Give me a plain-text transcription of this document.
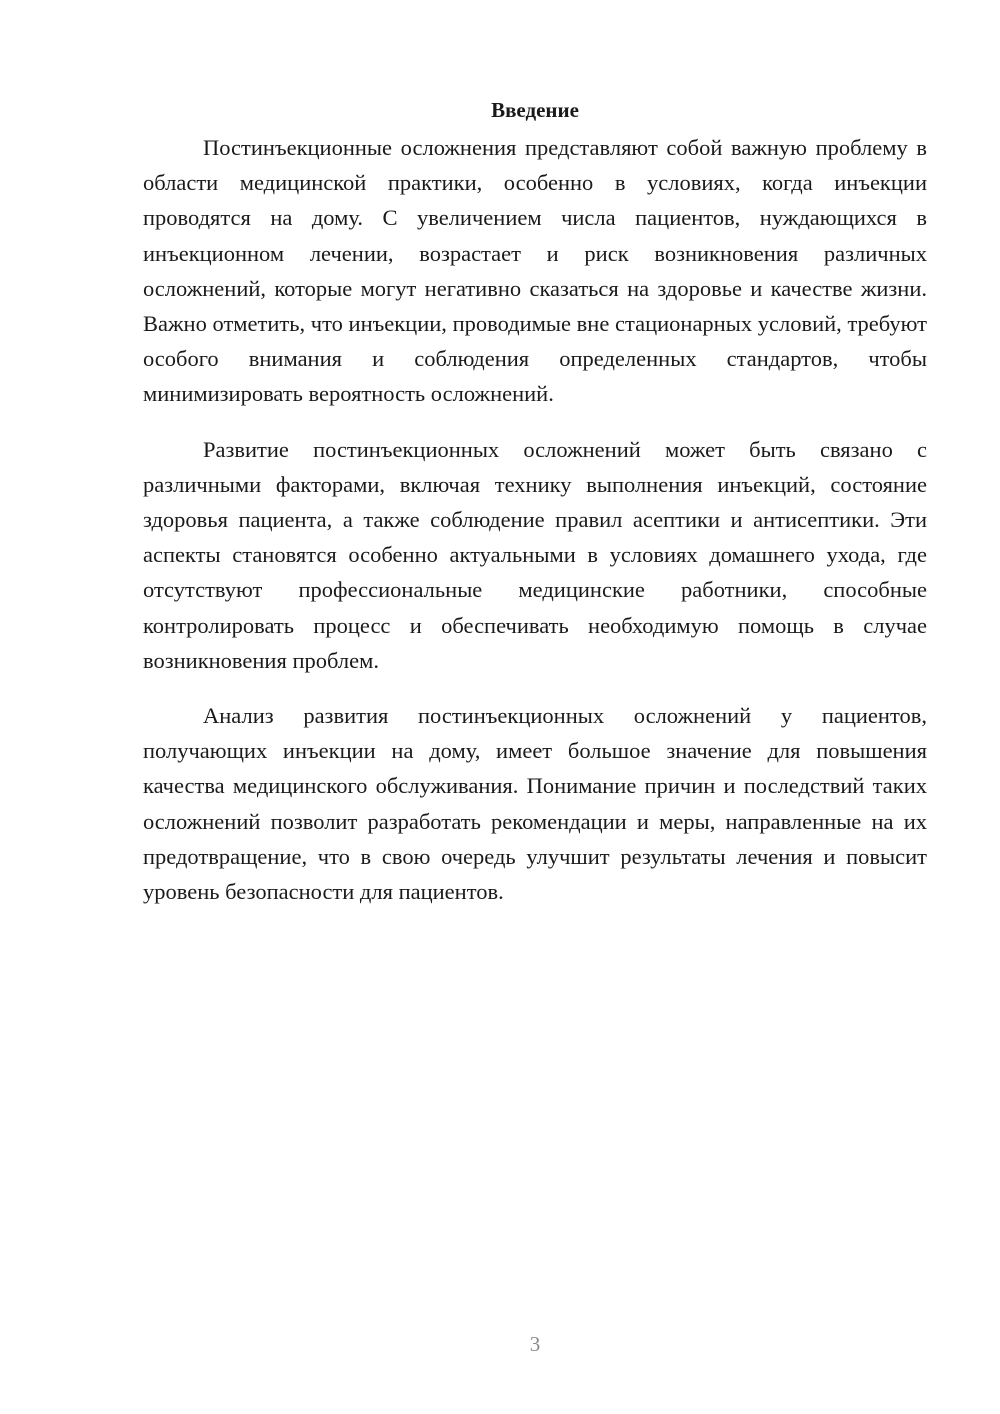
Введение

Постинъекционные осложнения представляют собой важную проблему в области медицинской практики, особенно в условиях, когда инъекции проводятся на дому. С увеличением числа пациентов, нуждающихся в инъекционном лечении, возрастает и риск возникновения различных осложнений, которые могут негативно сказаться на здоровье и качестве жизни. Важно отметить, что инъекции, проводимые вне стационарных условий, требуют особого внимания и соблюдения определенных стандартов, чтобы минимизировать вероятность осложнений.

Развитие постинъекционных осложнений может быть связано с различными факторами, включая технику выполнения инъекций, состояние здоровья пациента, а также соблюдение правил асептики и антисептики. Эти аспекты становятся особенно актуальными в условиях домашнего ухода, где отсутствуют профессиональные медицинские работники, способные контролировать процесс и обеспечивать необходимую помощь в случае возникновения проблем.

Анализ развития постинъекционных осложнений у пациентов, получающих инъекции на дому, имеет большое значение для повышения качества медицинского обслуживания. Понимание причин и последствий таких осложнений позволит разработать рекомендации и меры, направленные на их предотвращение, что в свою очередь улучшит результаты лечения и повысит уровень безопасности для пациентов.

3
